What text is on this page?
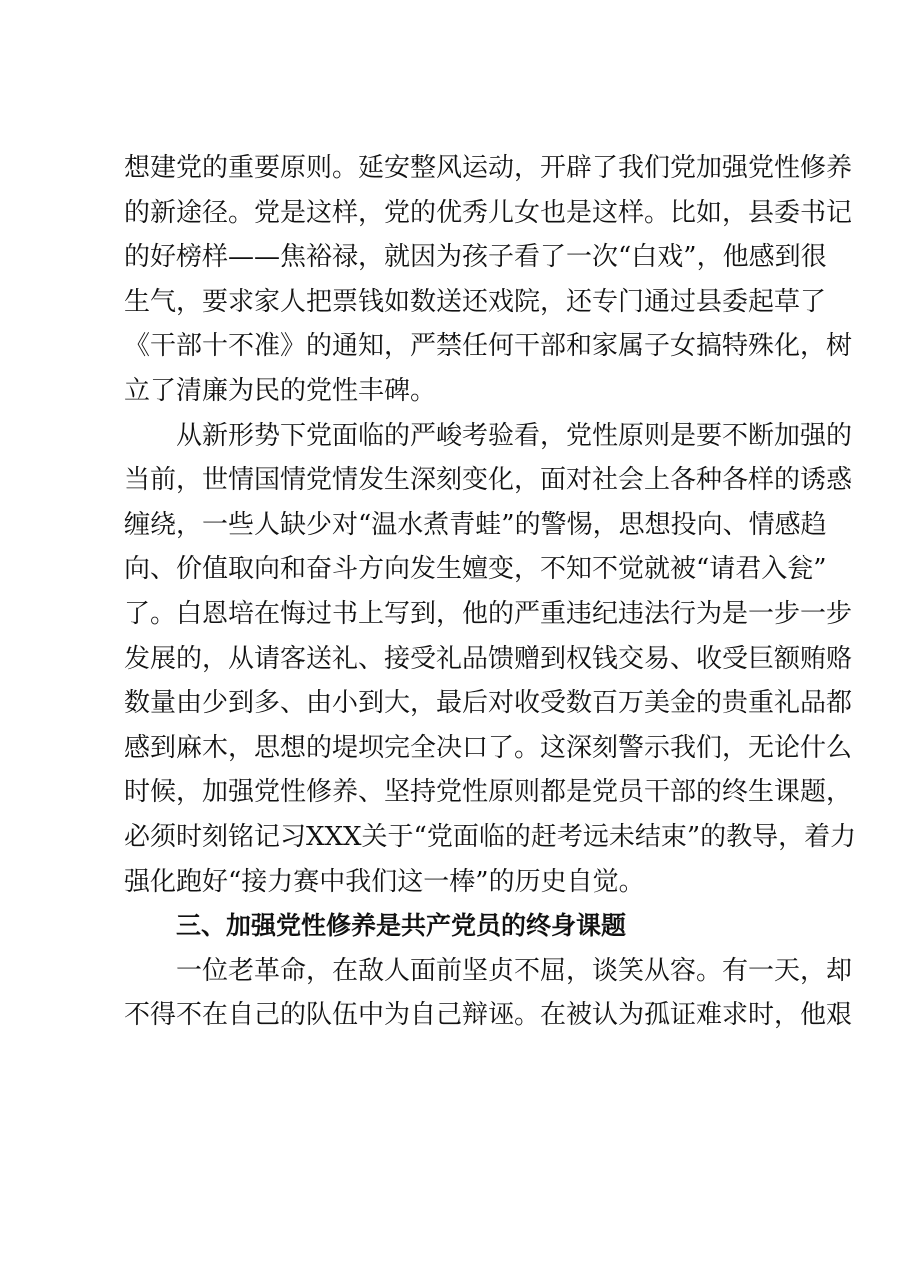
想建党的重要原则。延安整风运动，开辟了我们党加强党性修养
的新途径。党是这样，党的优秀儿女也是这样。比如，县委书记
的好榜样——焦裕禄，就因为孩子看了一次“白戏”，他感到很
生气，要求家人把票钱如数送还戏院，还专门通过县委起草了
《干部十不准》的通知，严禁任何干部和家属子女搞特殊化，树
立了清廉为民的党性丰碑。
　　从新形势下党面临的严峻考验看，党性原则是要不断加强的
当前，世情国情党情发生深刻变化，面对社会上各种各样的诱惑
缠绕，一些人缺少对“温水煮青蛙”的警惕，思想投向、情感趋
向、价值取向和奋斗方向发生嬗变，不知不觉就被“请君入瓮”
了。白恩培在悔过书上写到，他的严重违纪违法行为是一步一步
发展的，从请客送礼、接受礼品馈赠到权钱交易、收受巨额贿赂
数量由少到多、由小到大，最后对收受数百万美金的贵重礼品都
感到麻木，思想的堤坝完全决口了。这深刻警示我们，无论什么
时候，加强党性修养、坚持党性原则都是党员干部的终生课题，
必须时刻铭记习XXX关于“党面临的赶考远未结束”的教导，着力
强化跑好“接力赛中我们这一棒”的历史自觉。
三、加强党性修养是共产党员的终身课题
　　一位老革命，在敌人面前坚贞不屈，谈笑从容。有一天，却
不得不在自己的队伍中为自己辩诬。在被认为孤证难求时，他艰
